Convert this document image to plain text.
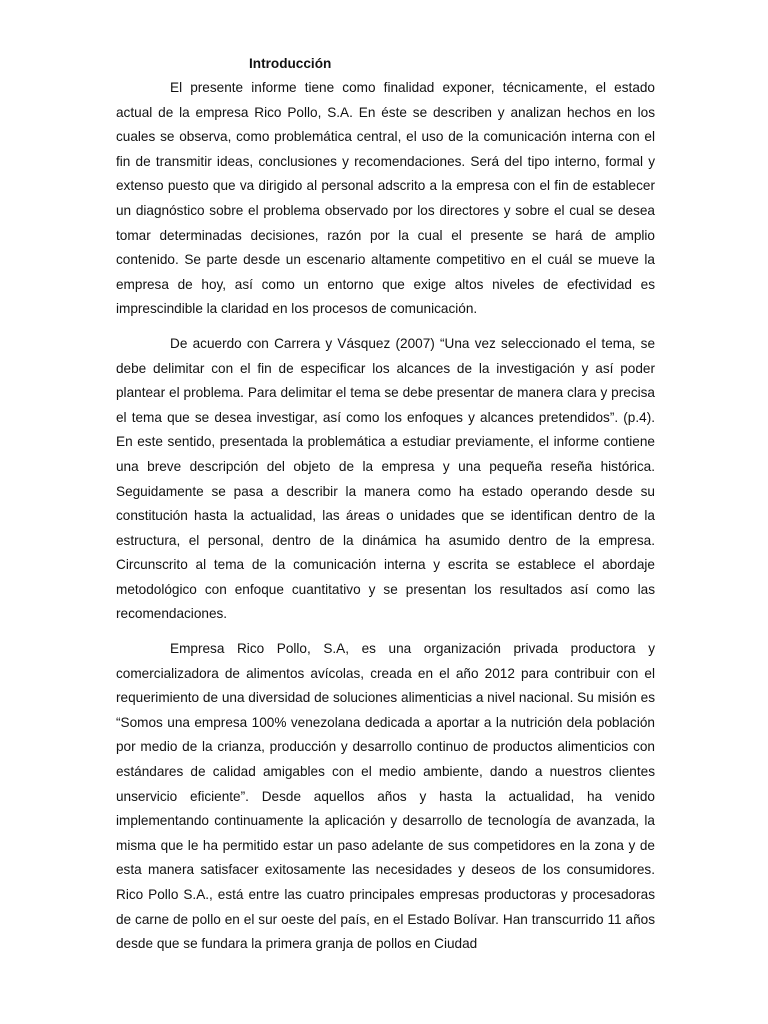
Introducción

El presente informe tiene como finalidad exponer, técnicamente, el estado actual de la empresa Rico Pollo, S.A. En éste se describen y analizan hechos en los cuales se observa, como problemática central, el uso de la comunicación interna con el fin de transmitir ideas, conclusiones y recomendaciones. Será del tipo interno, formal y extenso puesto que va dirigido al personal adscrito a la empresa con el fin de establecer un diagnóstico sobre el problema observado por los directores y sobre el cual se desea tomar determinadas decisiones, razón por la cual el presente se hará de amplio contenido. Se parte desde un escenario altamente competitivo en el cuál se mueve la empresa de hoy, así como un entorno que exige altos niveles de efectividad es imprescindible la claridad en los procesos de comunicación.

De acuerdo con Carrera y Vásquez (2007) “Una vez seleccionado el tema, se debe delimitar con el fin de especificar los alcances de la investigación y así poder plantear el problema. Para delimitar el tema se debe presentar de manera clara y precisa el tema que se desea investigar, así como los enfoques y alcances pretendidos”. (p.4). En este sentido, presentada la problemática a estudiar previamente, el informe contiene una breve descripción del objeto de la empresa y una pequeña reseña histórica. Seguidamente se pasa a describir la manera como ha estado operando desde su constitución hasta la actualidad, las áreas o unidades que se identifican dentro de la estructura, el personal, dentro de la dinámica ha asumido dentro de la empresa. Circunscrito al tema de la comunicación interna y escrita se establece el abordaje metodológico con enfoque cuantitativo y se presentan los resultados así como las recomendaciones.

Empresa Rico Pollo, S.A, es una organización privada productora y comercializadora de alimentos avícolas, creada en el año 2012 para contribuir con el requerimiento de una diversidad de soluciones alimenticias a nivel nacional. Su misión es “Somos una empresa 100% venezolana dedicada a aportar a la nutrición dela población por medio de la crianza, producción y desarrollo continuo de productos alimenticios con estándares de calidad amigables con el medio ambiente, dando a nuestros clientes unservicio eficiente”. Desde aquellos años y hasta la actualidad, ha venido implementando continuamente la aplicación y desarrollo de tecnología de avanzada, la misma que le ha permitido estar un paso adelante de sus competidores en la zona y de esta manera satisfacer exitosamente las necesidades y deseos de los consumidores. Rico Pollo S.A., está entre las cuatro principales empresas productoras y procesadoras de carne de pollo en el sur oeste del país, en el Estado Bolívar. Han transcurrido 11 años desde que se fundara la primera granja de pollos en Ciudad
